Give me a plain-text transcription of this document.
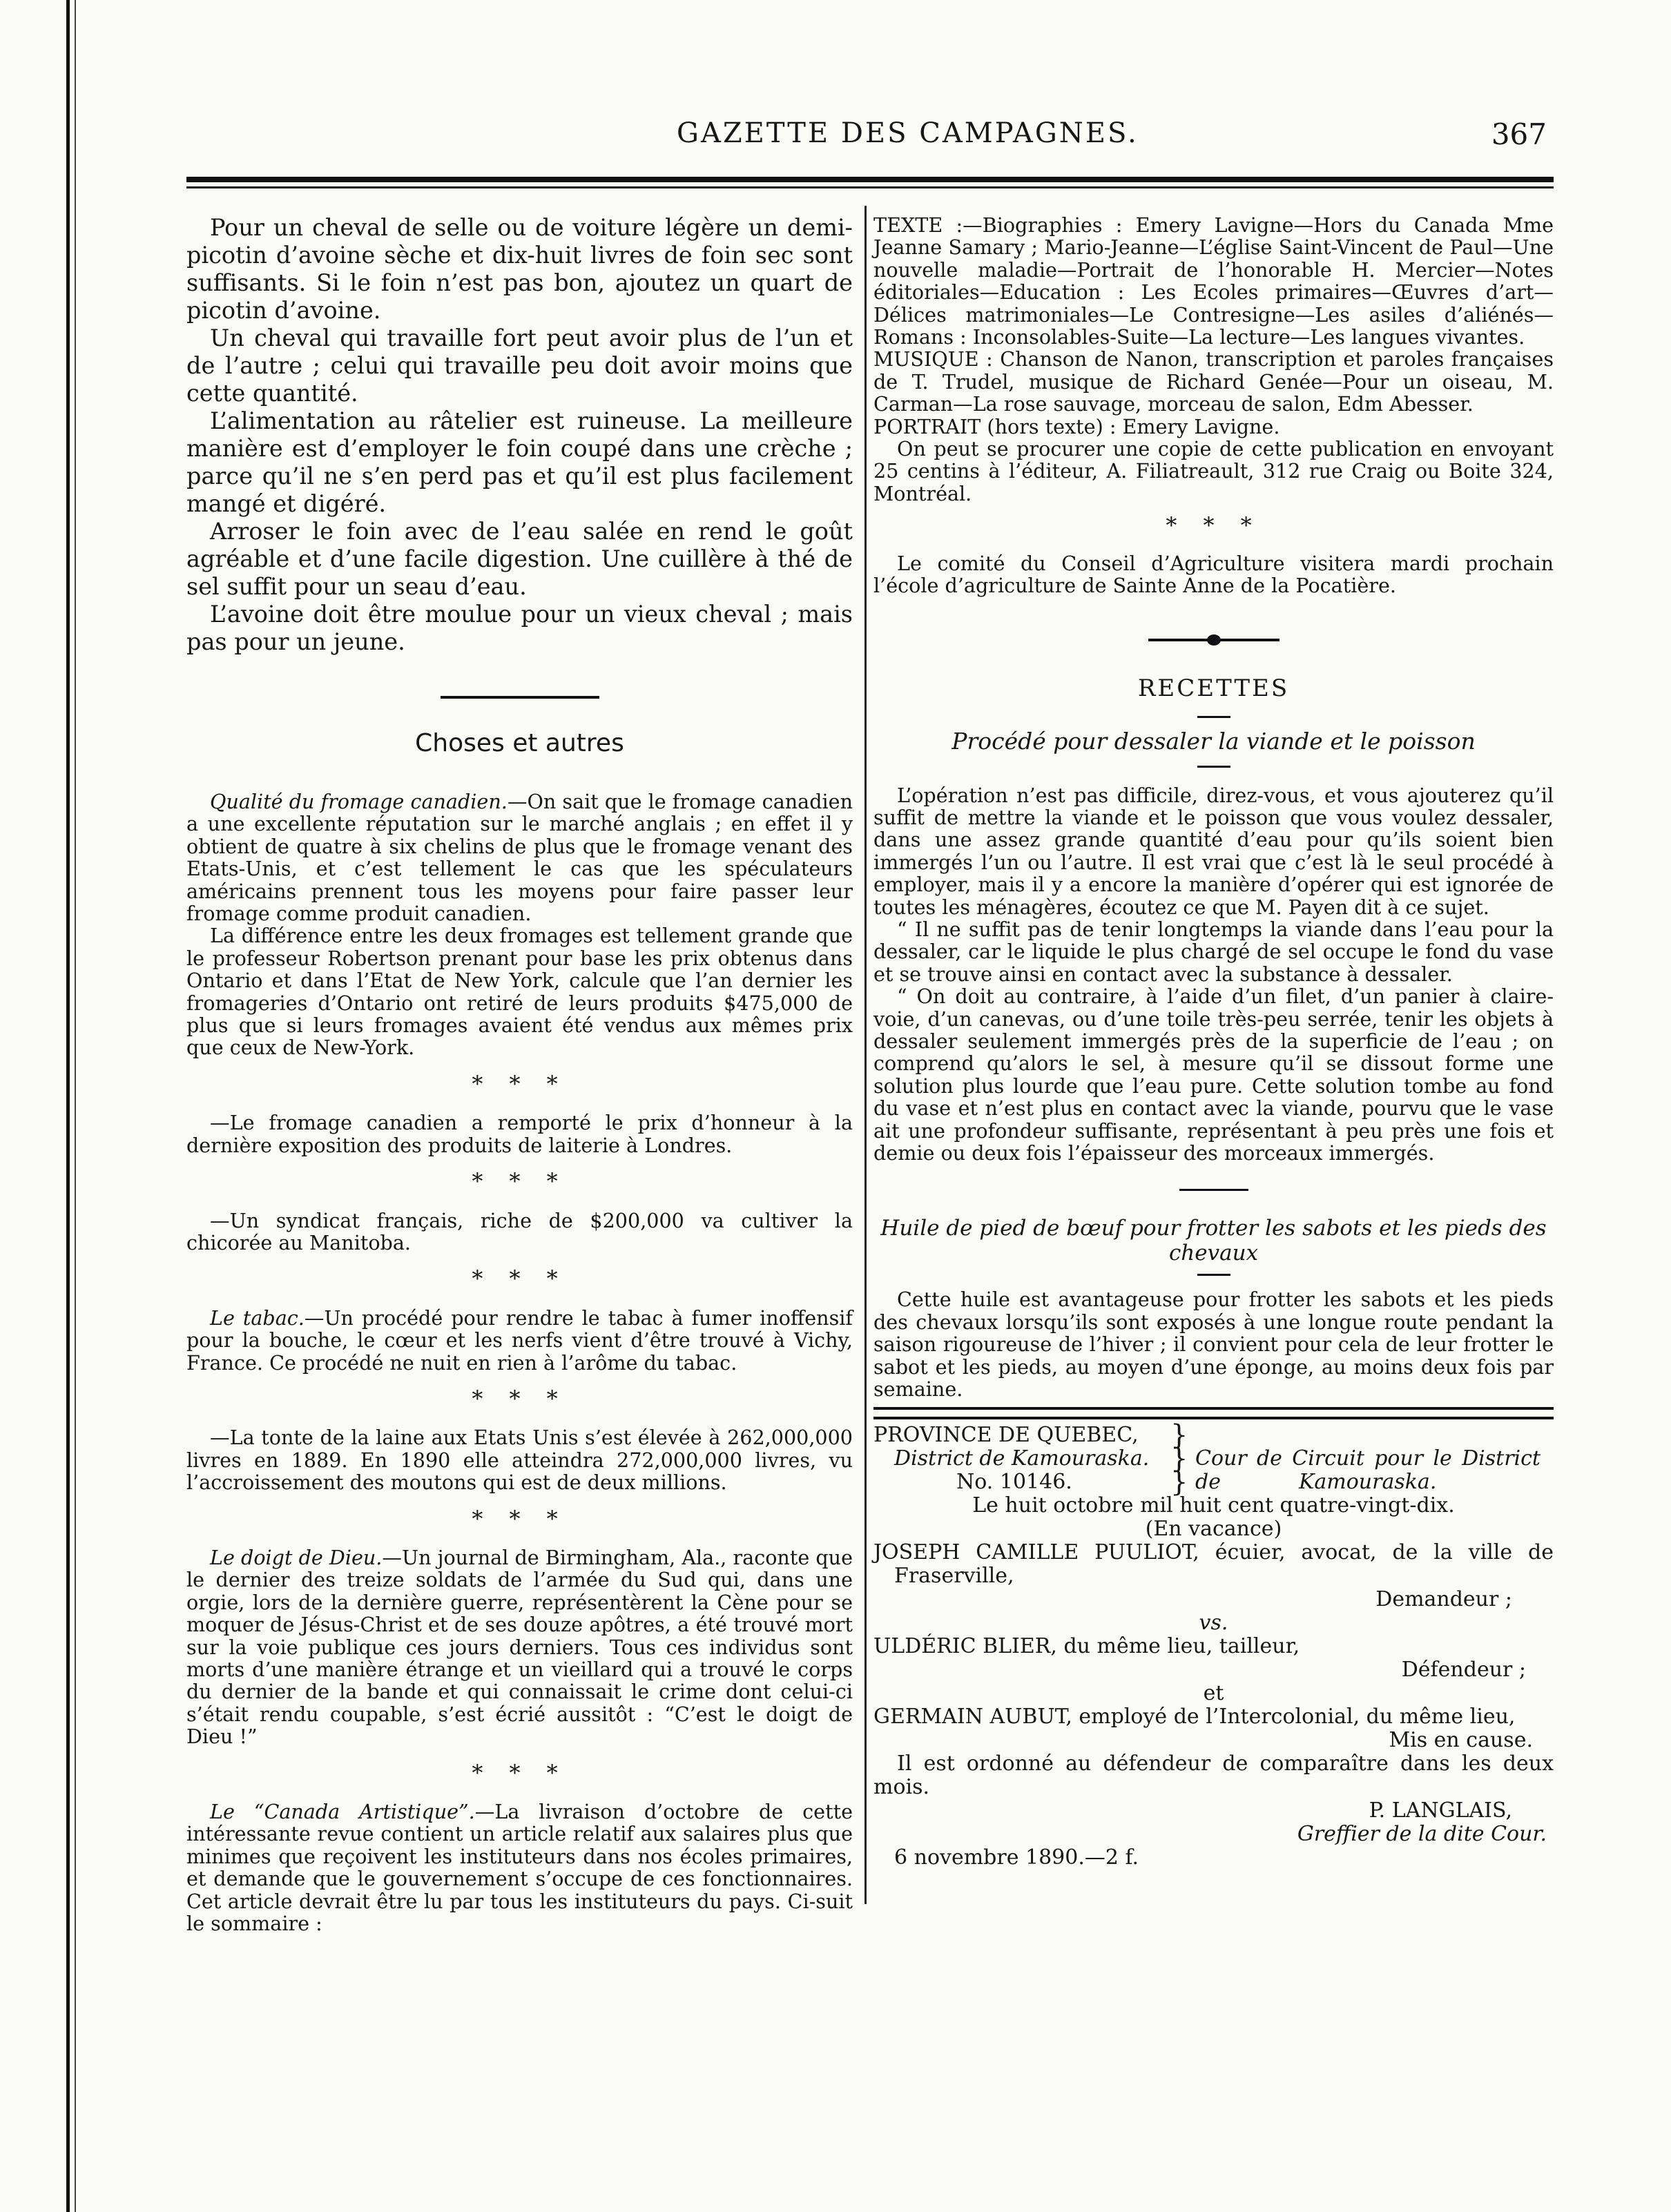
GAZETTE DES CAMPAGNES.	367

Pour un cheval de selle ou de voiture légère un demi-picotin d’avoine sèche et dix-huit livres de foin sec sont suffisants. Si le foin n’est pas bon, ajoutez un quart de picotin d’avoine.

Un cheval qui travaille fort peut avoir plus de l’un et de l’autre ; celui qui travaille peu doit avoir moins que cette quantité.

L’alimentation au râtelier est ruineuse. La meilleure manière est d’employer le foin coupé dans une crèche ; parce qu’il ne s’en perd pas et qu’il est plus facilement mangé et digéré.

Arroser le foin avec de l’eau salée en rend le goût agréable et d’une facile digestion. Une cuillère à thé de sel suffit pour un seau d’eau.

L’avoine doit être moulue pour un vieux cheval ; mais pas pour un jeune.

Choses et autres

Qualité du fromage canadien.—On sait que le fromage canadien a une excellente réputation sur le marché anglais ; en effet il y obtient de quatre à six chelins de plus que le fromage venant des Etats-Unis, et c’est tellement le cas que les spéculateurs américains prennent tous les moyens pour faire passer leur fromage comme produit canadien.

La différence entre les deux fromages est tellement grande que le professeur Robertson prenant pour base les prix obtenus dans Ontario et dans l’Etat de New York, calcule que l’an dernier les fromageries d’Ontario ont retiré de leurs produits $475,000 de plus que si leurs fromages avaient été vendus aux mêmes prix que ceux de New-York.

* * *

—Le fromage canadien a remporté le prix d’honneur à la dernière exposition des produits de laiterie à Londres.

* * *

—Un syndicat français, riche de $200,000 va cultiver la chicorée au Manitoba.

* * *

Le tabac.—Un procédé pour rendre le tabac à fumer inoffensif pour la bouche, le cœur et les nerfs vient d’être trouvé à Vichy, France. Ce procédé ne nuit en rien à l’arôme du tabac.

* * *

—La tonte de la laine aux Etats Unis s’est élevée à 262,000,000 livres en 1889. En 1890 elle atteindra 272,000,000 livres, vu l’accroissement des moutons qui est de deux millions.

* * *

Le doigt de Dieu.—Un journal de Birmingham, Ala., raconte que le dernier des treize soldats de l’armée du Sud qui, dans une orgie, lors de la dernière guerre, représentèrent la Cène pour se moquer de Jésus-Christ et de ses douze apôtres, a été trouvé mort sur la voie publique ces jours derniers. Tous ces individus sont morts d’une manière étrange et un vieillard qui a trouvé le corps du dernier de la bande et qui connaissait le crime dont celui-ci s’était rendu coupable, s’est écrié aussitôt : “C’est le doigt de Dieu !”

* * *

Le “Canada Artistique”.—La livraison d’octobre de cette intéressante revue contient un article relatif aux salaires plus que minimes que reçoivent les instituteurs dans nos écoles primaires, et demande que le gouvernement s’occupe de ces fonctionnaires. Cet article devrait être lu par tous les instituteurs du pays. Ci-suit le sommaire :

TEXTE :—Biographies : Emery Lavigne—Hors du Canada Mme Jeanne Samary ; Mario-Jeanne—L’église Saint-Vincent de Paul—Une nouvelle maladie—Portrait de l’honorable H. Mercier—Notes éditoriales—Education : Les Ecoles primaires—Œuvres d’art—Délices matrimoniales—Le Contresigne—Les asiles d’aliénés—Romans : Inconsolables-Suite—La lecture—Les langues vivantes.

MUSIQUE : Chanson de Nanon, transcription et paroles françaises de T. Trudel, musique de Richard Genée—Pour un oiseau, M. Carman—La rose sauvage, morceau de salon, Edm Abesser.

PORTRAIT (hors texte) : Emery Lavigne.

On peut se procurer une copie de cette publication en envoyant 25 centins à l’éditeur, A. Filiatreault, 312 rue Craig ou Boite 324, Montréal.

* * *

Le comité du Conseil d’Agriculture visitera mardi prochain l’école d’agriculture de Sainte Anne de la Pocatière.

RECETTES
Procédé pour dessaler la viande et le poisson

L’opération n’est pas difficile, direz-vous, et vous ajouterez qu’il suffit de mettre la viande et le poisson que vous voulez dessaler, dans une assez grande quantité d’eau pour qu’ils soient bien immergés l’un ou l’autre. Il est vrai que c’est là le seul procédé à employer, mais il y a encore la manière d’opérer qui est ignorée de toutes les ménagères, écoutez ce que M. Payen dit à ce sujet.

“ Il ne suffit pas de tenir longtemps la viande dans l’eau pour la dessaler, car le liquide le plus chargé de sel occupe le fond du vase et se trouve ainsi en contact avec la substance à dessaler.

“ On doit au contraire, à l’aide d’un filet, d’un panier à claire-voie, d’un canevas, ou d’une toile très-peu serrée, tenir les objets à dessaler seulement immergés près de la superficie de l’eau ; on comprend qu’alors le sel, à mesure qu’il se dissout forme une solution plus lourde que l’eau pure. Cette solution tombe au fond du vase et n’est plus en contact avec la viande, pourvu que le vase ait une profondeur suffisante, représentant à peu près une fois et demie ou deux fois l’épaisseur des morceaux immergés.

Huile de pied de bœuf pour frotter les sabots et les pieds des chevaux

Cette huile est avantageuse pour frotter les sabots et les pieds des chevaux lorsqu’ils sont exposés à une longue route pendant la saison rigoureuse de l’hiver ; il convient pour cela de leur frotter le sabot et les pieds, au moyen d’une éponge, au moins deux fois par semaine.

PROVINCE DE QUEBEC,	}
District de Kamouraska. } Cour de Circuit pour le District de
No. 10146.	}	Kamouraska.
Le huit octobre mil huit cent quatre-vingt-dix.
(En vacance)

JOSEPH CAMILLE PUULIOT, écuier, avocat, de la ville de Fraserville,

Demandeur ;
vs.
ULDÉRIC BLIER, du même lieu, tailleur,
Défendeur ;
et
GERMAIN AUBUT, employé de l’Intercolonial, du même lieu,
Mis en cause.

Il est ordonné au défendeur de comparaître dans les deux mois.

P. LANGLAIS,
Greffier de la dite Cour.
6 novembre 1890.—2 f.
